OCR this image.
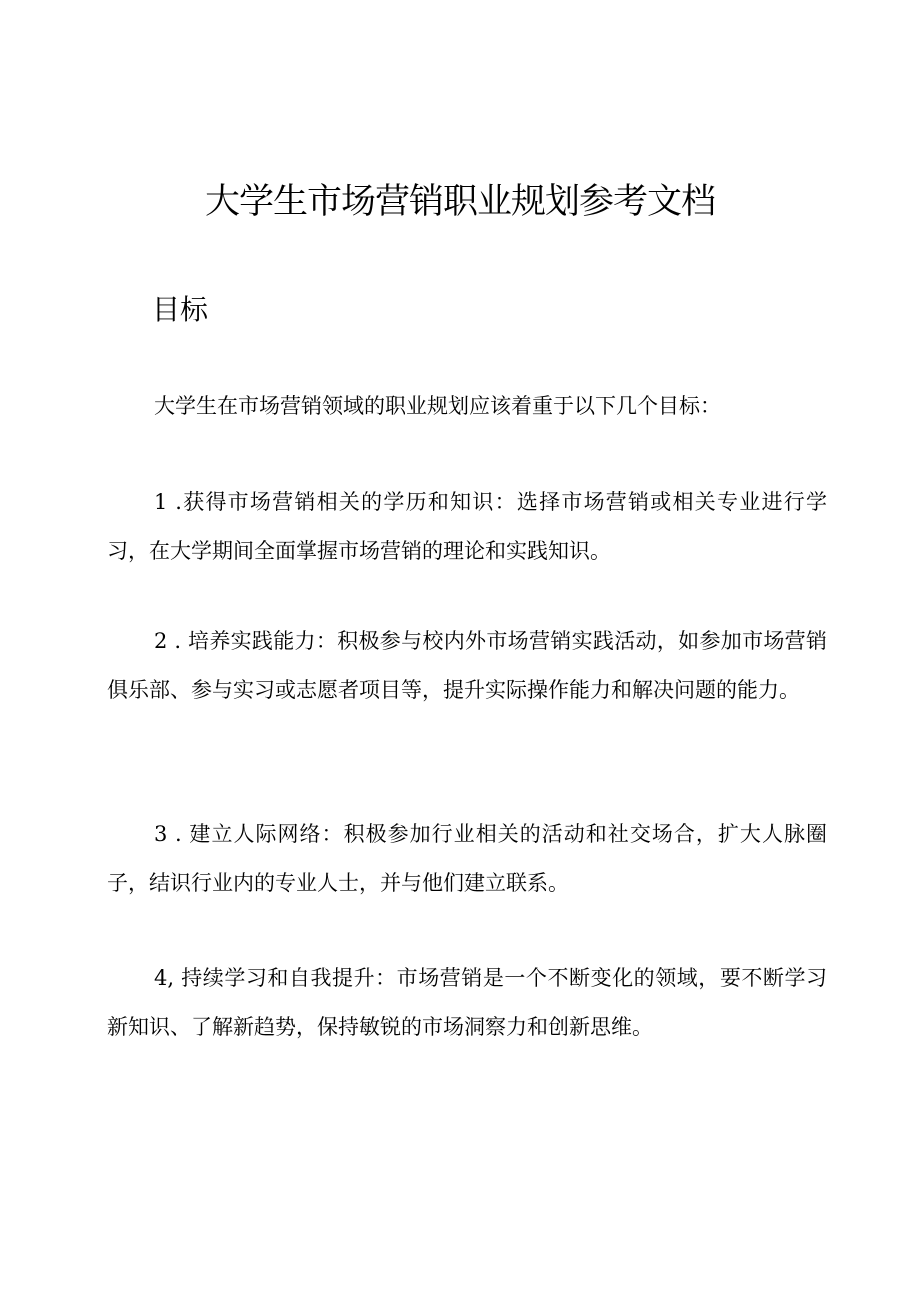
大学生市场营销职业规划参考文档
目标

大学生在市场营销领域的职业规划应该着重于以下几个目标：

1 .获得市场营销相关的学历和知识：选择市场营销或相关专业进行学习，在大学期间全面掌握市场营销的理论和实践知识。

2 . 培养实践能力：积极参与校内外市场营销实践活动，如参加市场营销俱乐部、参与实习或志愿者项目等，提升实际操作能力和解决问题的能力。

3 . 建立人际网络：积极参加行业相关的活动和社交场合，扩大人脉圈子，结识行业内的专业人士，并与他们建立联系。

4, 持续学习和自我提升：市场营销是一个不断变化的领域，要不断学习新知识、了解新趋势，保持敏锐的市场洞察力和创新思维。
